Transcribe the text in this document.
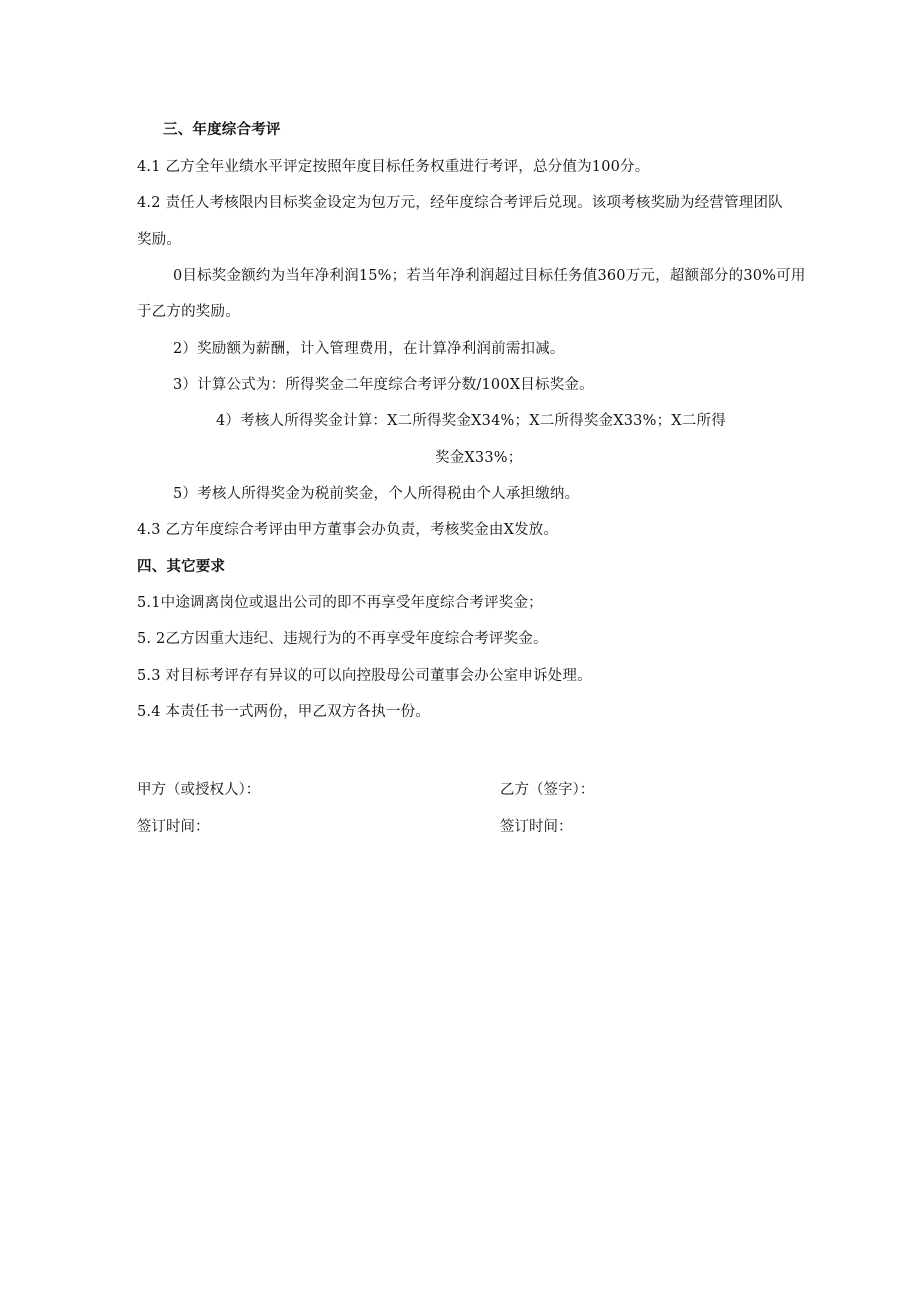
三、年度综合考评
4.1 乙方全年业绩水平评定按照年度目标任务权重进行考评，总分值为100分。
4.2 责任人考核限内目标奖金设定为包万元，经年度综合考评后兑现。该项考核奖励为经营管理团队
奖励。
0目标奖金额约为当年净利润15%；若当年净利润超过目标任务值360万元，超额部分的30%可用
于乙方的奖励。
2）奖励额为薪酬，计入管理费用，在计算净利润前需扣减。
3）计算公式为：所得奖金二年度综合考评分数/100X目标奖金。
4）考核人所得奖金计算：X二所得奖金X34%；X二所得奖金X33%；X二所得
奖金X33%；
5）考核人所得奖金为税前奖金，个人所得税由个人承担缴纳。
4.3 乙方年度综合考评由甲方董事会办负责，考核奖金由X发放。
四、其它要求
5.1中途调离岗位或退出公司的即不再享受年度综合考评奖金；
5. 2乙方因重大违纪、违规行为的不再享受年度综合考评奖金。
5.3 对目标考评存有异议的可以向控股母公司董事会办公室申诉处理。
5.4 本责任书一式两份，甲乙双方各执一份。
甲方（或授权人）：	乙方（签字）：
签订时间：	签订时间：
